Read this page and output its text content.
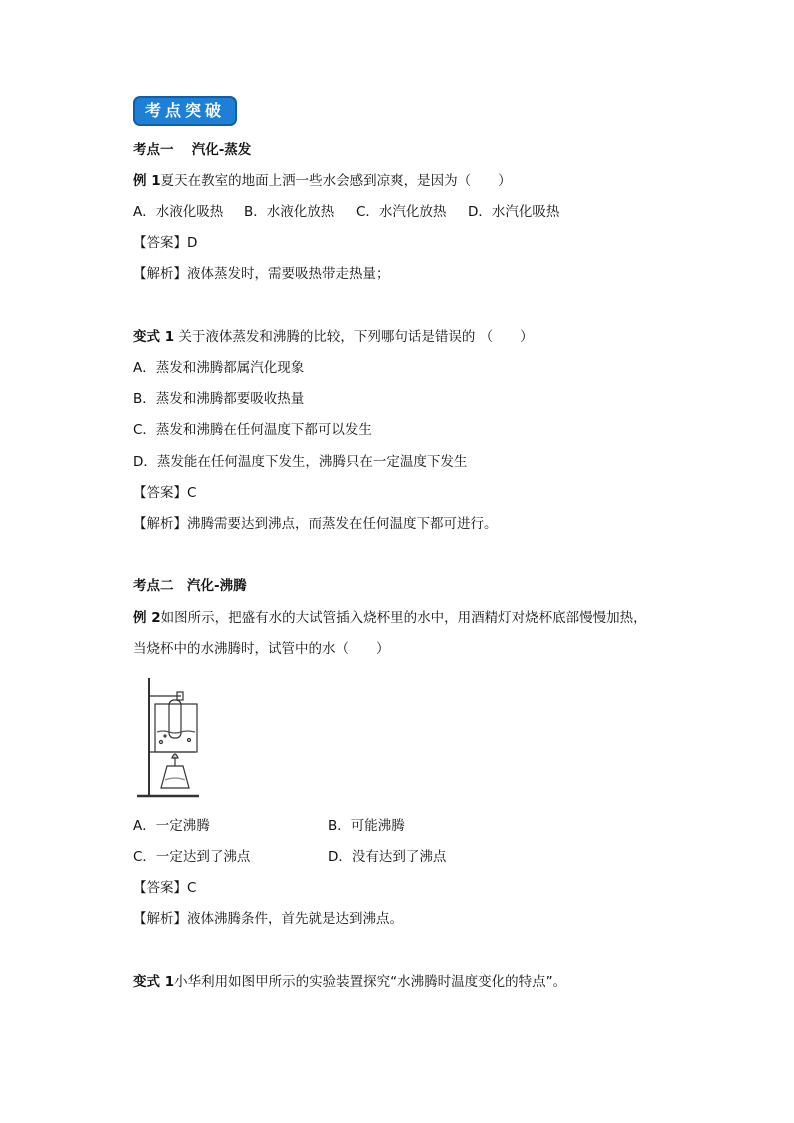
考点突破
考点一　 汽化-蒸发
例 1夏天在教室的地面上洒一些水会感到凉爽，是因为（　　）
A．水液化吸热 B．水液化放热 C．水汽化放热 D．水汽化吸热
【答案】D
【解析】液体蒸发时，需要吸热带走热量；
变式 1 关于液体蒸发和沸腾的比较，下列哪句话是错误的 （　　）
A．蒸发和沸腾都属汽化现象
B．蒸发和沸腾都要吸收热量
C．蒸发和沸腾在任何温度下都可以发生
D．蒸发能在任何温度下发生，沸腾只在一定温度下发生
【答案】C
【解析】沸腾需要达到沸点，而蒸发在任何温度下都可进行。
考点二　汽化-沸腾
例 2如图所示，把盛有水的大试管插入烧杯里的水中，用酒精灯对烧杯底部慢慢加热，
当烧杯中的水沸腾时，试管中的水（　　）
A．一定沸腾	B．可能沸腾
C．一定达到了沸点	D．没有达到了沸点
【答案】C
【解析】液体沸腾条件，首先就是达到沸点。
变式 1小华利用如图甲所示的实验装置探究“水沸腾时温度变化的特点”。
